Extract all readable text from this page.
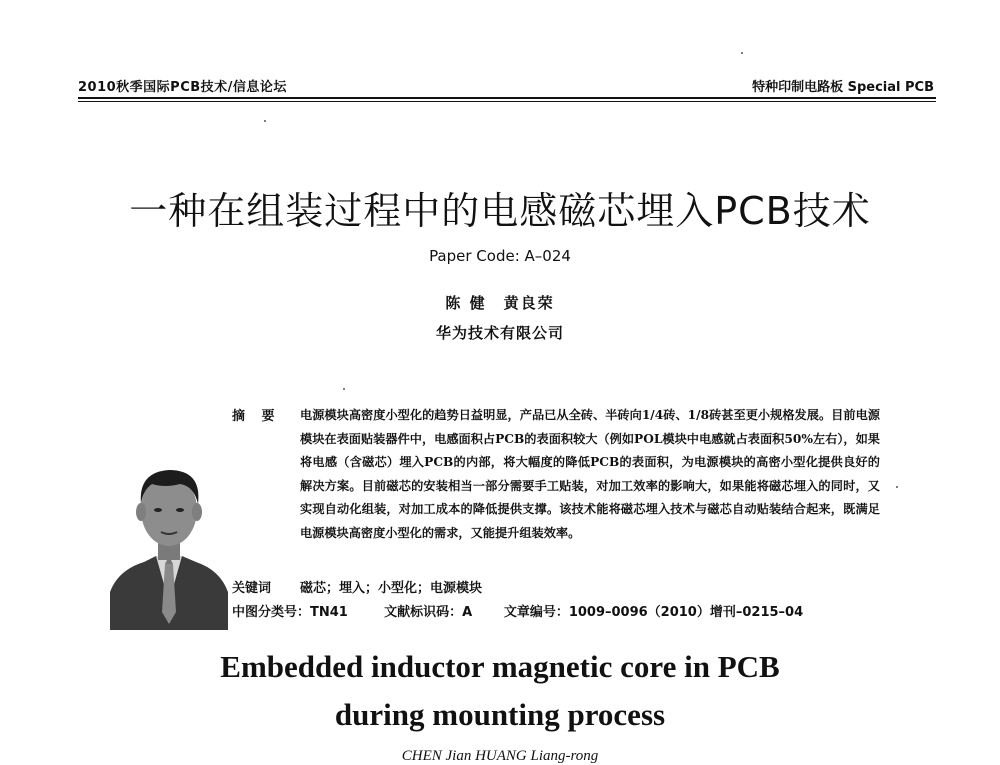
2010秋季国际PCB技术/信息论坛	特种印制电路板 Special PCB
一种在组装过程中的电感磁芯埋入PCB技术
Paper Code: A–024
陈 健　黄良荣
华为技术有限公司
摘 要 电源模块高密度小型化的趋势日益明显，产品已从全砖、半砖向1/4砖、1/8砖甚至更小规格发展。目前电源模块在表面贴装器件中，电感面积占PCB的表面积较大（例如POL模块中电感就占表面积50%左右），如果将电感（含磁芯）埋入PCB的内部，将大幅度的降低PCB的表面积，为电源模块的高密小型化提供良好的解决方案。目前磁芯的安装相当一部分需要手工贴装，对加工效率的影响大，如果能将磁芯埋入的同时，又实现自动化组装，对加工成本的降低提供支撑。该技术能将磁芯埋入技术与磁芯自动贴装结合起来，既满足电源模块高密度小型化的需求，又能提升组装效率。
关键词 磁芯；埋入；小型化；电源模块
中图分类号：TN41	文献标识码：A 文章编号：1009–0096（2010）增刊–0215–04
Embedded inductor magnetic core in PCB
during mounting process
CHEN Jian HUANG Liang-rong
